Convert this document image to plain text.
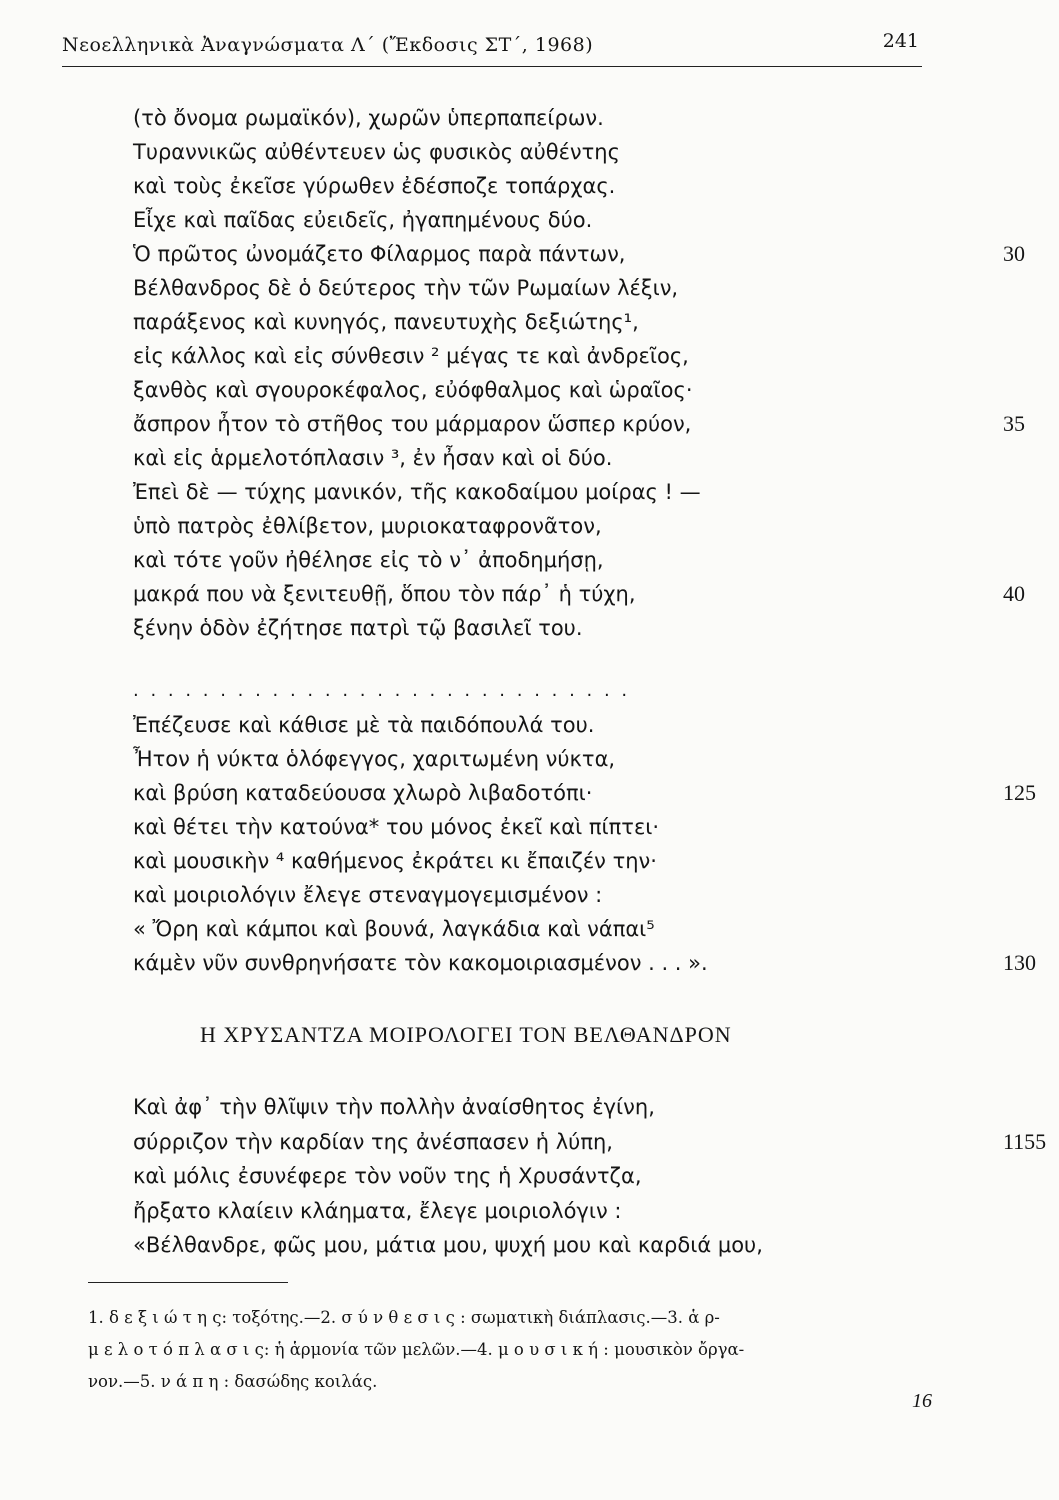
Νεοελληνικὰ Ἀναγνώσματα Λ΄ (Ἔκδοσις ΣΤ΄, 1968)	241
(τὸ ὄνομα ρωμαϊκόν), χωρῶν ὑπερπαπείρων.
Τυραννικῶς αὐθέντευεν ὡς φυσικὸς αὐθέντης
καὶ τοὺς ἐκεῖσε γύρωθεν ἐδέσποζε τοπάρχας.
Εἶχε καὶ παῖδας εὐειδεῖς, ἠγαπημένους δύο.
Ὁ πρῶτος ὠνομάζετο Φίλαρμος παρὰ πάντων,	30
Βέλθανδρος δὲ ὁ δεύτερος τὴν τῶν Ρωμαίων λέξιν,
παράξενος καὶ κυνηγός, πανευτυχὴς δεξιώτης¹,
εἰς κάλλος καὶ εἰς σύνθεσιν ² μέγας τε καὶ ἀνδρεῖος,
ξανθὸς καὶ σγουροκέφαλος, εὐόφθαλμος καὶ ὡραῖος·
ἄσπρον ἦτον τὸ στῆθος του μάρμαρον ὥσπερ κρύον,	35
καὶ εἰς ἁρμελοτόπλασιν ³, ἐν ἦσαν καὶ οἱ δύο.
Ἐπεὶ δὲ — τύχης μανικόν, τῆς κακοδαίμου μοίρας ! —
ὑπὸ πατρὸς ἐθλίβετον, μυριοκαταφρονᾶτον,
καὶ τότε γοῦν ἠθέλησε εἰς τὸ ν᾿ ἀποδημήσῃ,
μακρά που νὰ ξενιτευθῇ, ὅπου τὸν πάρ᾿ ἡ τύχη,	40
ξένην ὁδὸν ἐζήτησε πατρὶ τῷ βασιλεῖ του.
. . . . . . . . . . . . . . . . . . . . . . . . . . . . .
Ἐπέζευσε καὶ κάθισε μὲ τὰ παιδόπουλά του.
Ἦτον ἡ νύκτα ὁλόφεγγος, χαριτωμένη νύκτα,
καὶ βρύση καταδεύουσα χλωρὸ λιβαδοτόπι·	125
καὶ θέτει τὴν κατούνα* του μόνος ἐκεῖ καὶ πίπτει·
καὶ μουσικὴν ⁴ καθήμενος ἐκράτει κι ἔπαιζέν την·
καὶ μοιριολόγιν ἔλεγε στεναγμογεμισμένον :
« Ὄρη καὶ κάμποι καὶ βουνά, λαγκάδια καὶ νάπαι⁵
κάμὲν νῦν συνθρηνήσατε τὸν κακομοιριασμένον . . . ».	130
Η ΧΡΥΣΑΝΤΖΑ ΜΟΙΡΟΛΟΓΕΙ ΤΟΝ ΒΕΛΘΑΝΔΡΟΝ
Καὶ ἀφ᾿ τὴν θλῖψιν τὴν πολλὴν ἀναίσθητος ἐγίνη,
σύρριζον τὴν καρδίαν της ἀνέσπασεν ἡ λύπη,	1155
καὶ μόλις ἐσυνέφερε τὸν νοῦν της ἡ Χρυσάντζα,
ἤρξατο κλαίειν κλάηματα, ἔλεγε μοιριολόγιν :
«Βέλθανδρε, φῶς μου, μάτια μου, ψυχή μου καὶ καρδιά μου,
1. δ ε ξ ι ώ τ η ς: τοξότης.—2. σ ύ ν θ ε σ ι ς : σωματικὴ διάπλασις.—3. ἁ ρ-
μ ε λ ο τ ό π λ α σ ι ς: ἡ ἁρμονία τῶν μελῶν.—4. μ ο υ σ ι κ ή : μουσικὸν ὄργα-
νον.—5. ν ά π η : δασώδης κοιλάς.
16
